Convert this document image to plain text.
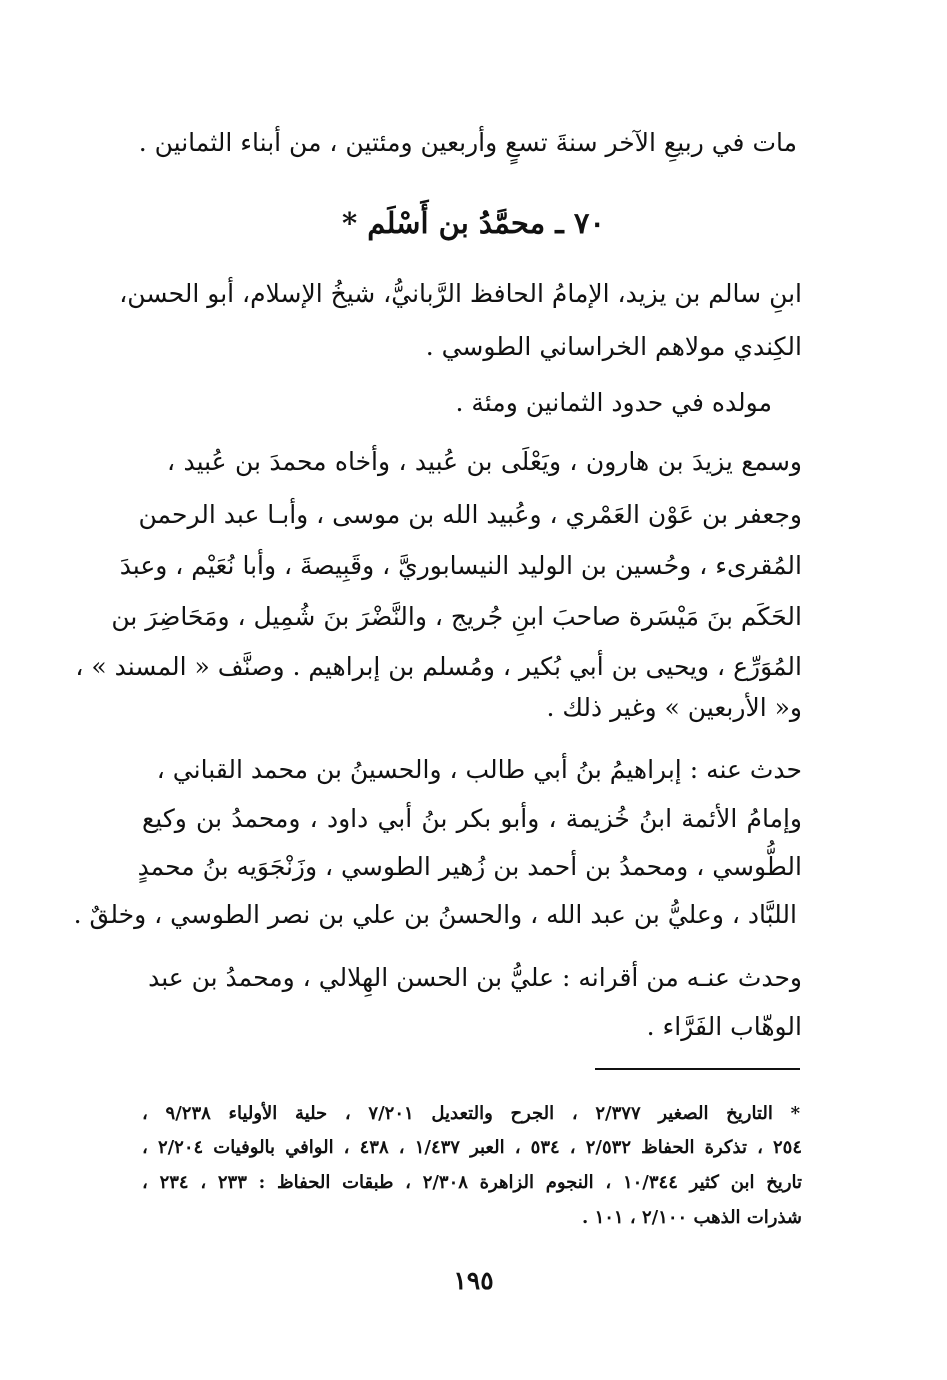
مات في ربيعِ الآخر سنةَ تسعٍ وأربعين ومئتين ، من أبناء الثمانين .
٧٠ ـ محمَّدُ بن أَسْلَم *
ابنِ سالم بن يزيد، الإمامُ الحافظ الرَّبانيُّ، شيخُ الإسلام، أبو الحسن،
الكِندي مولاهم الخراساني الطوسي .
مولده في حدود الثمانين ومئة .
وسمع يزيدَ بن هارون ، ويَعْلَى بن عُبيد ، وأخاه محمدَ بن عُبيد ،
وجعفر بن عَوْن العَمْري ، وعُبيد الله بن موسى ، وأبـا عبد الرحمن
المُقرىء ، وحُسين بن الوليد النيسابوريَّ ، وقَبِيصةَ ، وأبا نُعَيْم ، وعبدَ
الحَكَم بنَ مَيْسَرة صاحبَ ابنِ جُريج ، والنَّضْرَ بنَ شُمِيل ، ومَحَاضِرَ بن
المُوَرِّع ، ويحيى بن أبي بُكير ، ومُسلم بن إبراهيم . وصنَّف « المسند » ،
و« الأربعين » وغير ذلك .
حدث عنه : إبراهيمُ بنُ أبي طالب ، والحسينُ بن محمد القباني ،
وإمامُ الأئمة ابنُ خُزيمة ، وأبو بكر بنُ أبي داود ، ومحمدُ بن وكيع
الطُّوسي ، ومحمدُ بن أحمد بن زُهير الطوسي ، وزَنْجَوَيه بنُ محمدٍ
اللبَّاد ، وعليُّ بن عبد الله ، والحسنُ بن علي بن نصر الطوسي ، وخلقٌ .
وحدث عنـه من أقرانه : عليُّ بن الحسن الهِلالي ، ومحمدُ بن عبد
الوهّاب الفَرَّاء .
* التاريخ الصغير ٢/٣٧٧ ، الجرح والتعديل ٧/٢٠١ ، حلية الأولياء ٩/٢٣٨ ،
٢٥٤ ، تذكرة الحفاظ ٢/٥٣٢ ، ٥٣٤ ، العبر ١/٤٣٧ ، ٤٣٨ ، الوافي بالوفيات ٢/٢٠٤ ،
تاريخ ابن كثير ١٠/٣٤٤ ، النجوم الزاهرة ٢/٣٠٨ ، طبقات الحفاظ : ٢٣٣ ، ٢٣٤ ،
شذرات الذهب ٢/١٠٠ ، ١٠١ .
١٩٥
